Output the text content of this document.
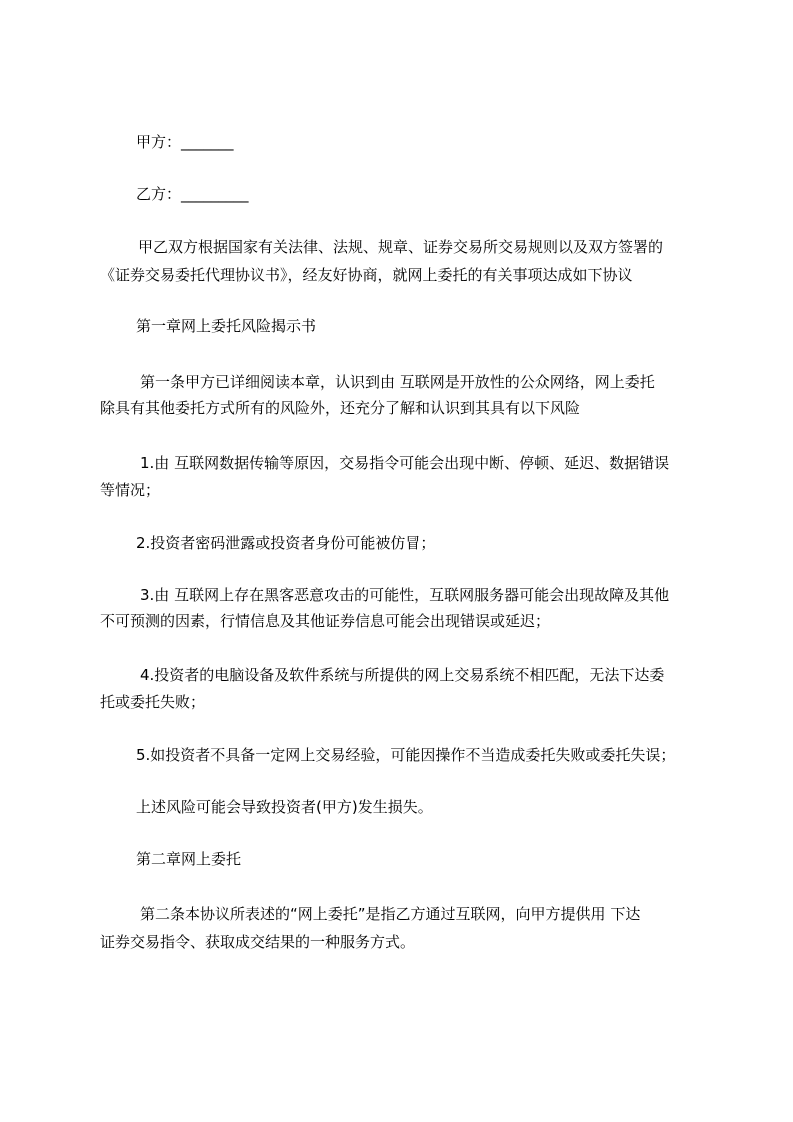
甲方：_______
乙方：_________
甲乙双方根据国家有关法律、法规、规章、证券交易所交易规则以及双方签署的
《证券交易委托代理协议书》，经友好协商，就网上委托的有关事项达成如下协议
第一章网上委托风险揭示书
第一条甲方已详细阅读本章，认识到由 互联网是开放性的公众网络，网上委托
除具有其他委托方式所有的风险外，还充分了解和认识到其具有以下风险
1.由 互联网数据传输等原因，交易指令可能会出现中断、停顿、延迟、数据错误
等情况；
2.投资者密码泄露或投资者身份可能被仿冒；
3.由 互联网上存在黑客恶意攻击的可能性，互联网服务器可能会出现故障及其他
不可预测的因素，行情信息及其他证券信息可能会出现错误或延迟；
4.投资者的电脑设备及软件系统与所提供的网上交易系统不相匹配，无法下达委
托或委托失败；
5.如投资者不具备一定网上交易经验，可能因操作不当造成委托失败或委托失误；
上述风险可能会导致投资者(甲方)发生损失。
第二章网上委托
第二条本协议所表述的“网上委托”是指乙方通过互联网，向甲方提供用 下达
证券交易指令、获取成交结果的一种服务方式。
